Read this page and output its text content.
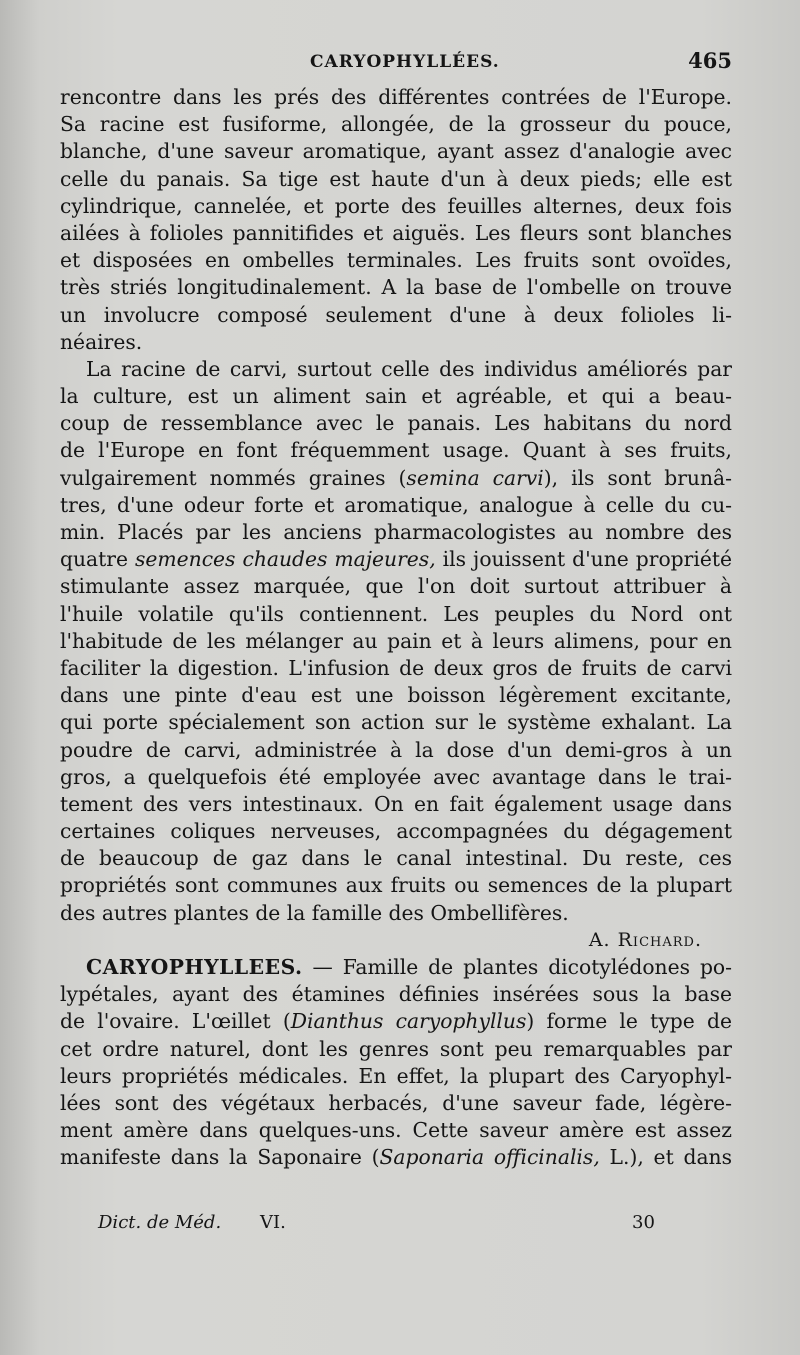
CARYOPHYLLÉES.	465
rencontre dans les prés des différentes contrées de l'Europe.
Sa racine est fusiforme, allongée, de la grosseur du pouce,
blanche, d'une saveur aromatique, ayant assez d'analogie avec
celle du panais. Sa tige est haute d'un à deux pieds; elle est
cylindrique, cannelée, et porte des feuilles alternes, deux fois
ailées à folioles pannitifides et aiguës. Les fleurs sont blanches
et disposées en ombelles terminales. Les fruits sont ovoïdes,
très striés longitudinalement. A la base de l'ombelle on trouve
un involucre composé seulement d'une à deux folioles li-
néaires.
La racine de carvi, surtout celle des individus améliorés par
la culture, est un aliment sain et agréable, et qui a beau-
coup de ressemblance avec le panais. Les habitans du nord
de l'Europe en font fréquemment usage. Quant à ses fruits,
vulgairement nommés graines (semina carvi), ils sont brunâ-
tres, d'une odeur forte et aromatique, analogue à celle du cu-
min. Placés par les anciens pharmacologistes au nombre des
quatre semences chaudes majeures, ils jouissent d'une propriété
stimulante assez marquée, que l'on doit surtout attribuer à
l'huile volatile qu'ils contiennent. Les peuples du Nord ont
l'habitude de les mélanger au pain et à leurs alimens, pour en
faciliter la digestion. L'infusion de deux gros de fruits de carvi
dans une pinte d'eau est une boisson légèrement excitante,
qui porte spécialement son action sur le système exhalant. La
poudre de carvi, administrée à la dose d'un demi-gros à un
gros, a quelquefois été employée avec avantage dans le trai-
tement des vers intestinaux. On en fait également usage dans
certaines coliques nerveuses, accompagnées du dégagement
de beaucoup de gaz dans le canal intestinal. Du reste, ces
propriétés sont communes aux fruits ou semences de la plupart
des autres plantes de la famille des Ombellifères.
A. Richard.
CARYOPHYLLEES. — Famille de plantes dicotylédones po-
lypétales, ayant des étamines définies insérées sous la base
de l'ovaire. L'œillet (Dianthus caryophyllus) forme le type de
cet ordre naturel, dont les genres sont peu remarquables par
leurs propriétés médicales. En effet, la plupart des Caryophyl-
lées sont des végétaux herbacés, d'une saveur fade, légère-
ment amère dans quelques-uns. Cette saveur amère est assez
manifeste dans la Saponaire (Saponaria officinalis, L.), et dans
Dict. de Méd. VI.	30
